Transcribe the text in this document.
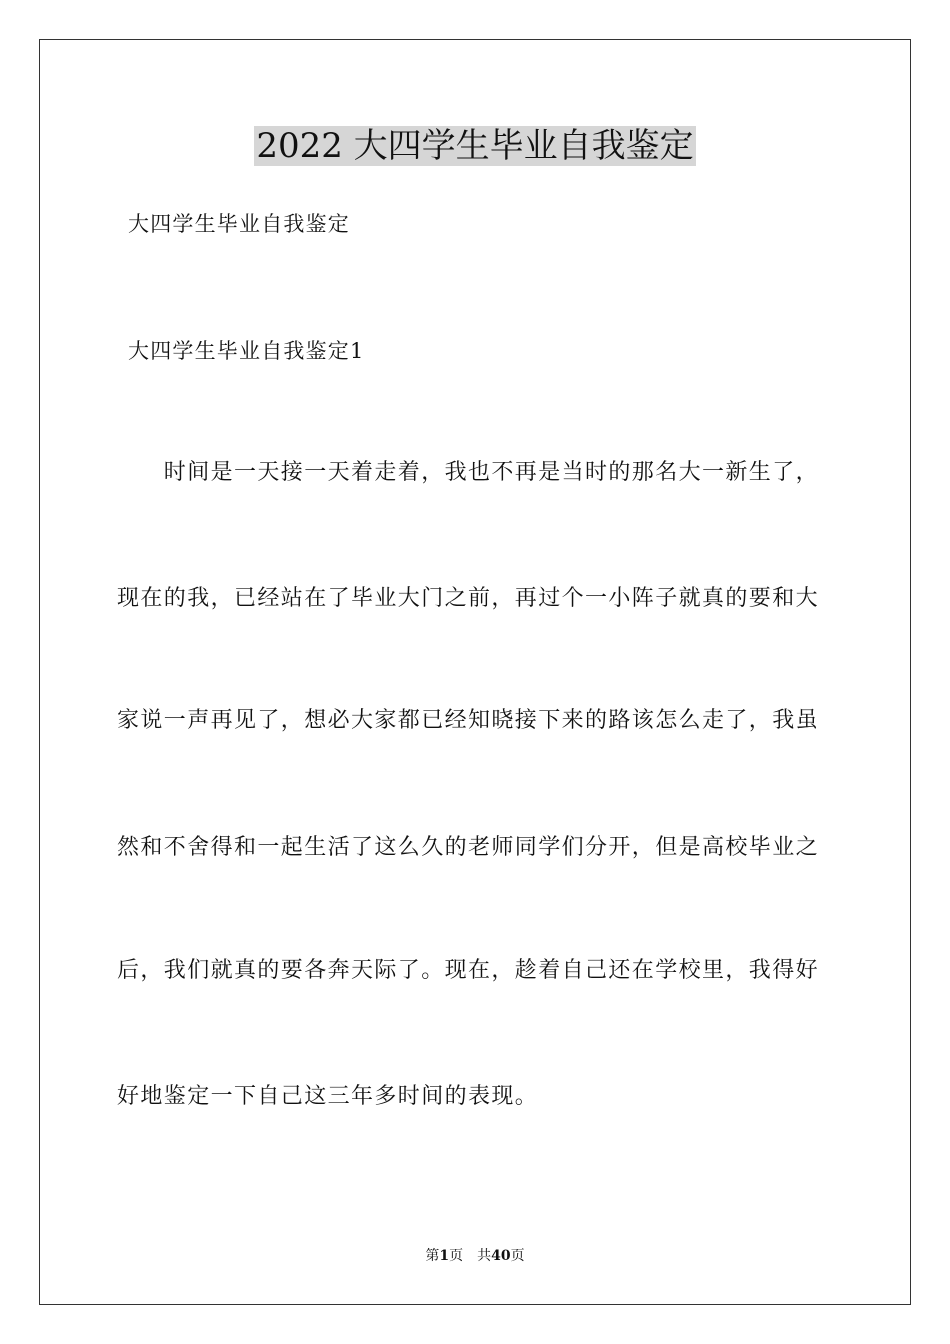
2022 大四学生毕业自我鉴定
大四学生毕业自我鉴定
大四学生毕业自我鉴定1
　　时间是一天接一天着走着，我也不再是当时的那名大一新生了，
现在的我，已经站在了毕业大门之前，再过个一小阵子就真的要和大
家说一声再见了，想必大家都已经知晓接下来的路该怎么走了，我虽
然和不舍得和一起生活了这么久的老师同学们分开，但是高校毕业之
后，我们就真的要各奔天际了。现在，趁着自己还在学校里，我得好
好地鉴定一下自己这三年多时间的表现。
第1页 共40页
